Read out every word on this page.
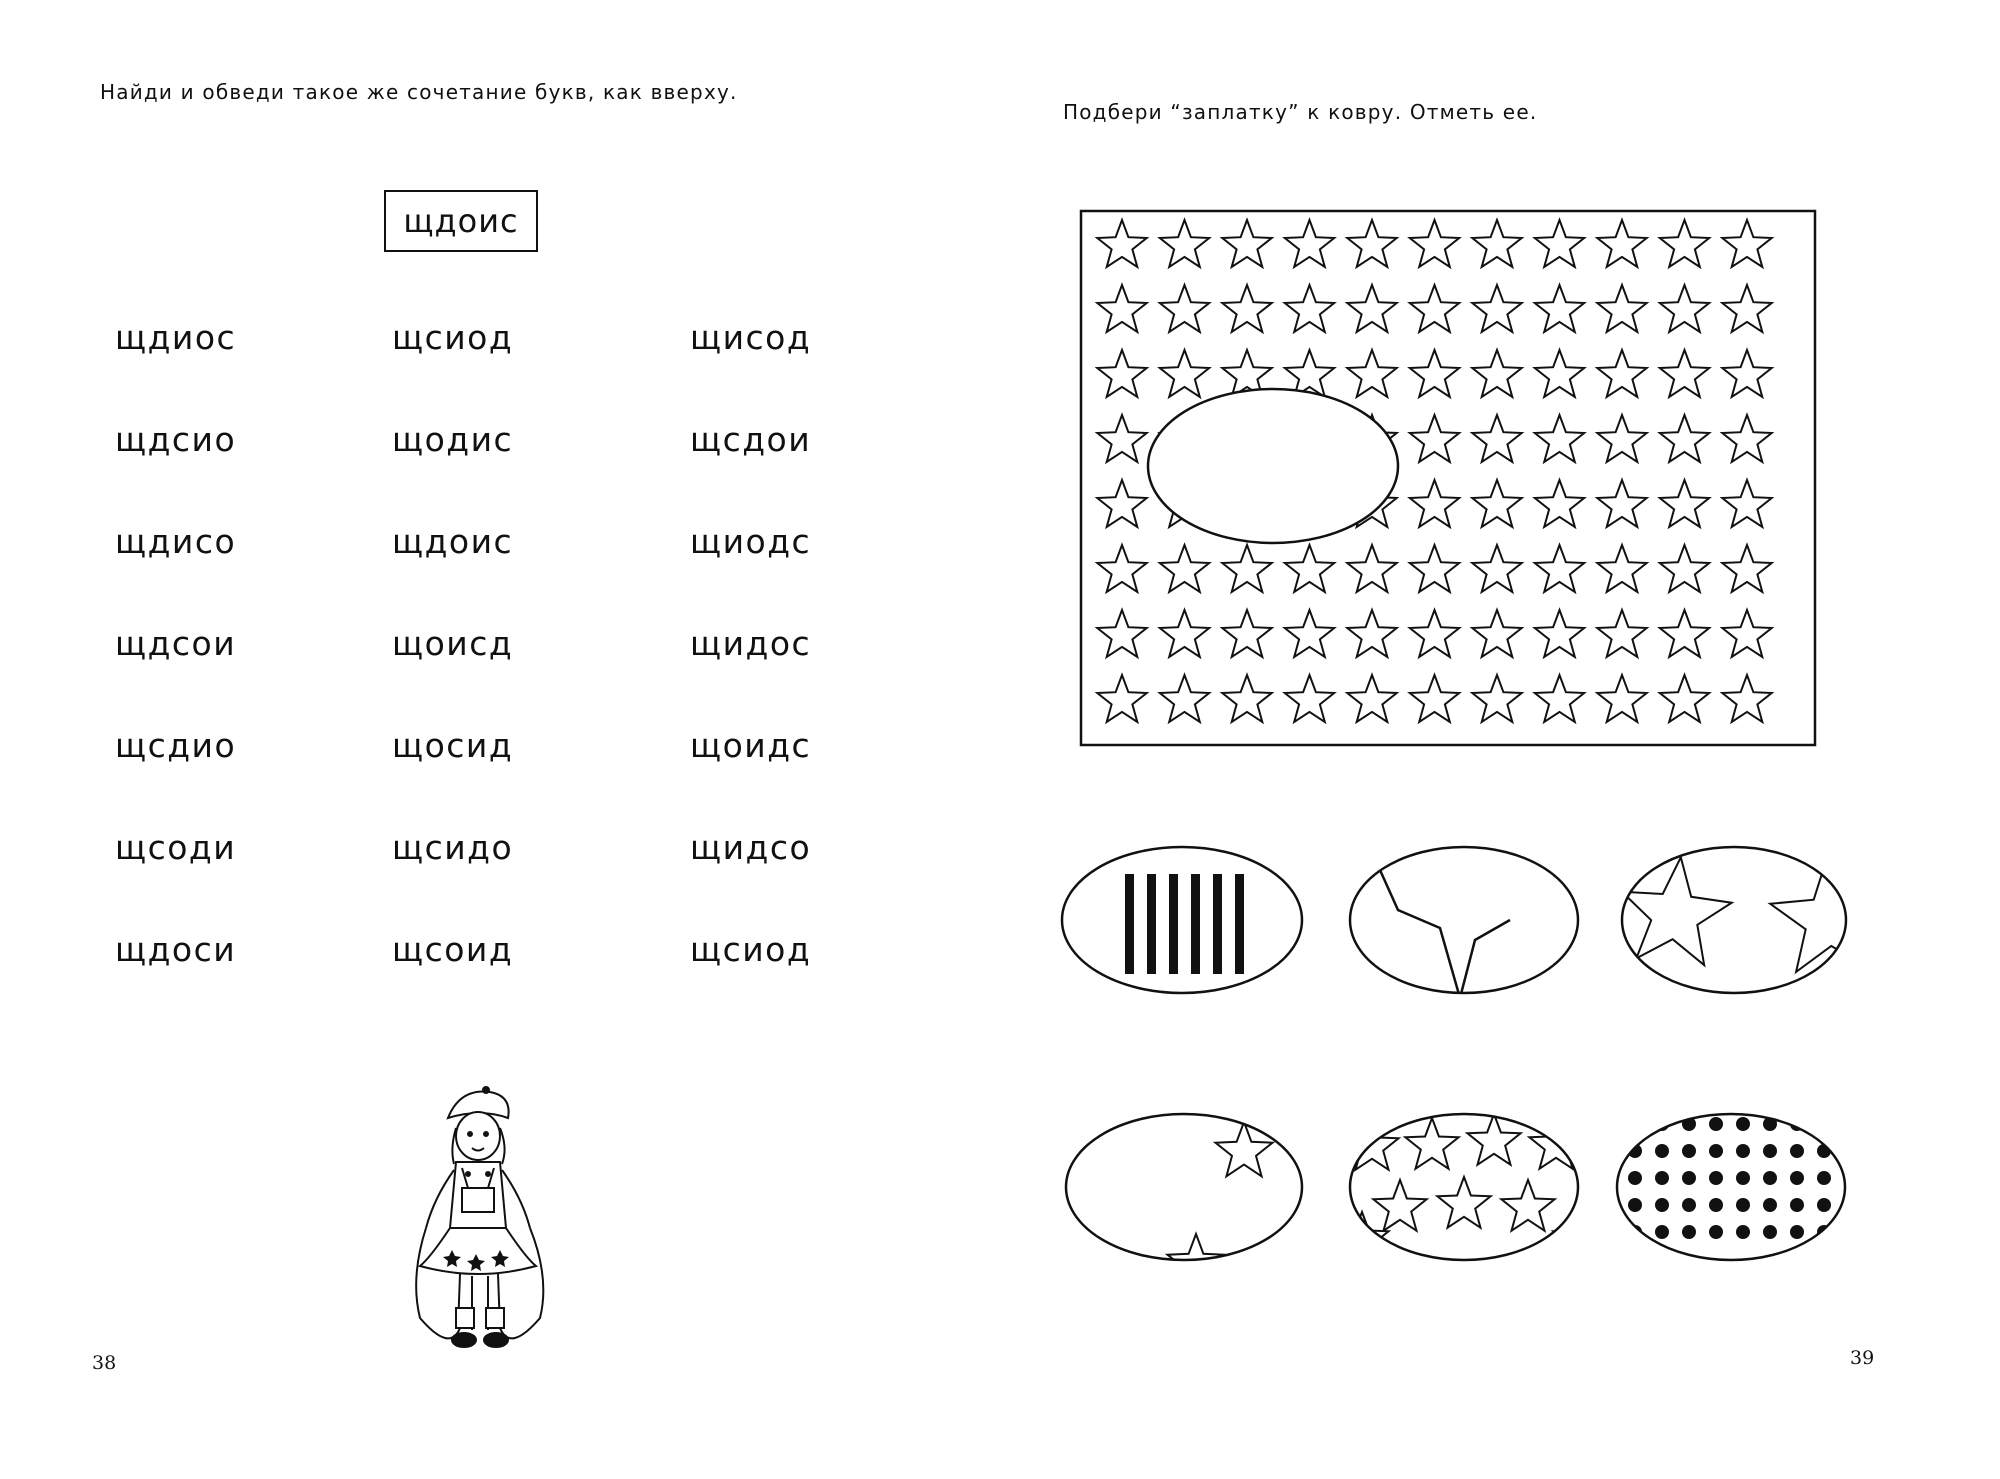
Найди и обведи такое же сочетание букв, как вверху.
щдоис
щдиос
щдсио
щдисо
щдсои
щсдио
щсоди
щдоси
щсиод
щодис
щдоис
щоисд
щосид
щсидо
щсоид
щисод
щсдои
щиодс
щидос
щоидс
щидсо
щсиод
38
Подбери “заплатку” к ковру. Отметь ее.
39
